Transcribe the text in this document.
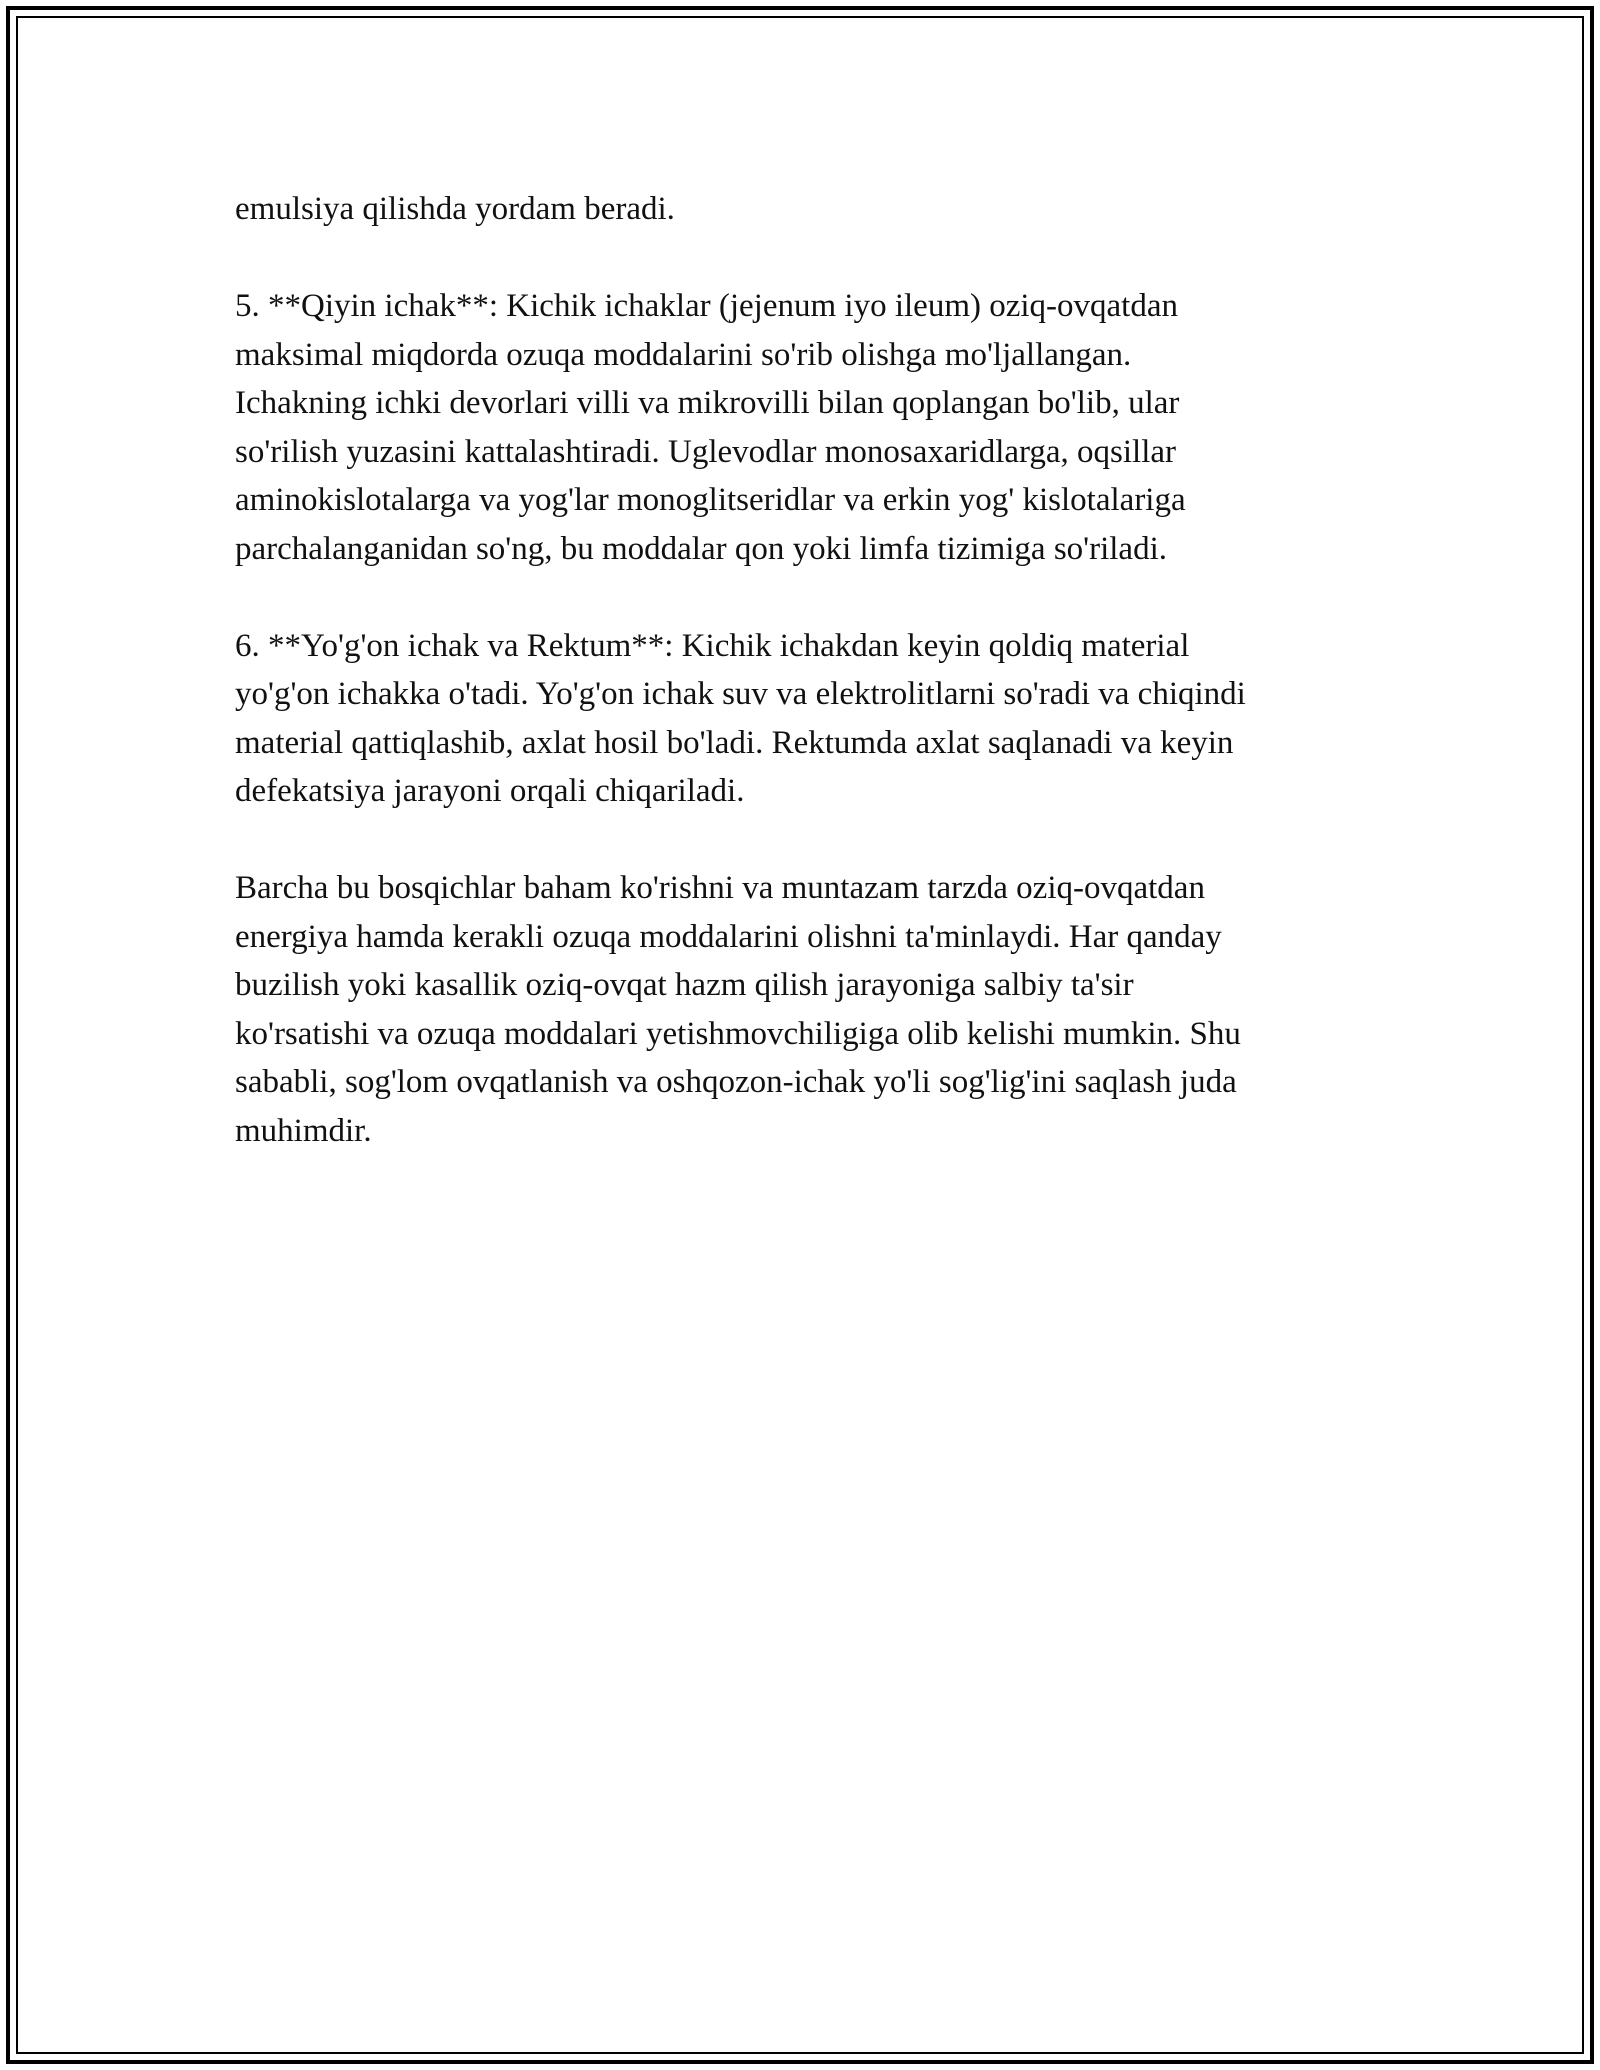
emulsiya qilishda yordam beradi.

5. **Qiyin ichak**: Kichik ichaklar (jejenum iyo ileum) oziq-ovqatdan
maksimal miqdorda ozuqa moddalarini so'rib olishga mo'ljallangan.
Ichakning ichki devorlari villi va mikrovilli bilan qoplangan bo'lib, ular
so'rilish yuzasini kattalashtiradi. Uglevodlar monosaxaridlarga, oqsillar
aminokislotalarga va yog'lar monoglitseridlar va erkin yog' kislotalariga
parchalanganidan so'ng, bu moddalar qon yoki limfa tizimiga so'riladi.

6. **Yo'g'on ichak va Rektum**: Kichik ichakdan keyin qoldiq material
yo'g'on ichakka o'tadi. Yo'g'on ichak suv va elektrolitlarni so'radi va chiqindi
material qattiqlashib, axlat hosil bo'ladi. Rektumda axlat saqlanadi va keyin
defekatsiya jarayoni orqali chiqariladi.

Barcha bu bosqichlar baham ko'rishni va muntazam tarzda oziq-ovqatdan
energiya hamda kerakli ozuqa moddalarini olishni ta'minlaydi. Har qanday
buzilish yoki kasallik oziq-ovqat hazm qilish jarayoniga salbiy ta'sir
ko'rsatishi va ozuqa moddalari yetishmovchiligiga olib kelishi mumkin. Shu
sababli, sog'lom ovqatlanish va oshqozon-ichak yo'li sog'lig'ini saqlash juda
muhimdir.
